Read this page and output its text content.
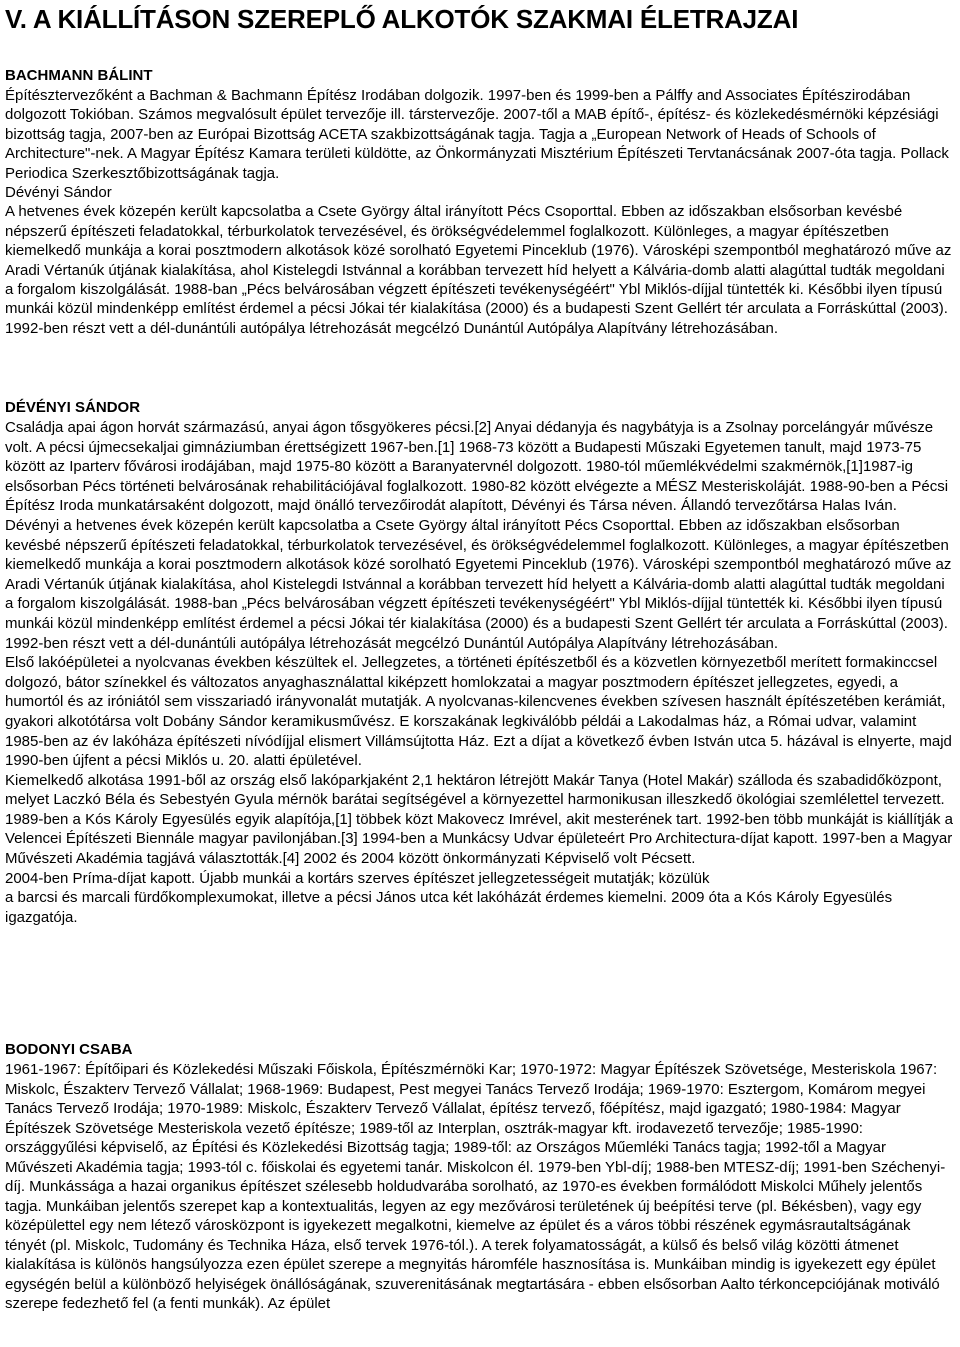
V. A KIÁLLÍTÁSON SZEREPLŐ ALKOTÓK SZAKMAI ÉLETRAJZAI

BACHMANN BÁLINT

Építésztervezőként a Bachman & Bachmann Építész Irodában dolgozik. 1997-ben és 1999-ben a Pálffy and Associates Építészirodában dolgozott Tokióban. Számos megvalósult épület tervezője ill. társtervezője. 2007-től a MAB építő-, építész- és közlekedésmérnöki képzésiági bizottság tagja, 2007-ben az Európai Bizottság ACETA szakbizottságának tagja. Tagja a „European Network of Heads of Schools of Architecture"-nek. A Magyar Építész Kamara területi küldötte, az Önkormányzati Misztérium Építészeti Tervtanácsának 2007-óta tagja. Pollack Periodica Szerkesztőbizottságának tagja.

Dévényi Sándor

A hetvenes évek közepén került kapcsolatba a Csete György által irányított Pécs Csoporttal. Ebben az időszakban elsősorban kevésbé népszerű építészeti feladatokkal, térburkolatok tervezésével, és örökségvédelemmel foglalkozott. Különleges, a magyar építészetben kiemelkedő munkája a korai posztmodern alkotások közé sorolható Egyetemi Pinceklub (1976). Városképi szempontból meghatározó műve az Aradi Vértanúk útjának kialakítása, ahol Kistelegdi Istvánnal a korábban tervezett híd helyett a Kálvária-domb alatti alagúttal tudták megoldani a forgalom kiszolgálását. 1988-ban „Pécs belvárosában végzett építészeti tevékenységéért" Ybl Miklós-díjjal tüntették ki. Későbbi ilyen típusú munkái közül mindenképp említést érdemel a pécsi Jókai tér kialakítása (2000) és a budapesti Szent Gellért tér arculata a Forráskúttal (2003). 1992-ben részt vett a dél-dunántúli autópálya létrehozását megcélzó Dunántúl Autópálya Alapítvány létrehozásában.

DÉVÉNYI SÁNDOR

Családja apai ágon horvát származású, anyai ágon tősgyökeres pécsi.[2] Anyai dédanyja és nagybátyja is a Zsolnay porcelángyár művésze volt. A pécsi újmecsekaljai gimnáziumban érettségizett 1967-ben.[1] 1968-73 között a Budapesti Műszaki Egyetemen tanult, majd 1973-75 között az Iparterv fővárosi irodájában, majd 1975-80 között a Baranyatervnél dolgozott. 1980-tól műemlékvédelmi szakmérnök,[1]1987-ig elsősorban Pécs történeti belvárosának rehabilitációjával foglalkozott. 1980-82 között elvégezte a MÉSZ Mesteriskoláját. 1988-90-ben a Pécsi Építész Iroda munkatársaként dolgozott, majd önálló tervezőirodát alapított, Dévényi és Társa néven. Állandó tervezőtársa Halas Iván.

Dévényi a hetvenes évek közepén került kapcsolatba a Csete György által irányított Pécs Csoporttal. Ebben az időszakban elsősorban kevésbé népszerű építészeti feladatokkal, térburkolatok tervezésével, és örökségvédelemmel foglalkozott. Különleges, a magyar építészetben kiemelkedő munkája a korai posztmodern alkotások közé sorolható Egyetemi Pinceklub (1976). Városképi szempontból meghatározó műve az Aradi Vértanúk útjának kialakítása, ahol Kistelegdi Istvánnal a korábban tervezett híd helyett a Kálvária-domb alatti alagúttal tudták megoldani a forgalom kiszolgálását. 1988-ban „Pécs belvárosában végzett építészeti tevékenységéért" Ybl Miklós-díjjal tüntették ki. Későbbi ilyen típusú munkái közül mindenképp említést érdemel a pécsi Jókai tér kialakítása (2000) és a budapesti Szent Gellért tér arculata a Forráskúttal (2003). 1992-ben részt vett a dél-dunántúli autópálya létrehozását megcélzó Dunántúl Autópálya Alapítvány létrehozásában.

Első lakóépületei a nyolcvanas években készültek el. Jellegzetes, a történeti építészetből és a közvetlen környezetből merített formakinccsel dolgozó, bátor színekkel és változatos anyaghasználattal kiképzett homlokzatai a magyar posztmodern építészet jellegzetes, egyedi, a humortól és az iróniától sem visszariadó irányvonalát mutatják. A nyolcvanas-kilencvenes években szívesen használt építészetében kerámiát, gyakori alkotótársa volt Dobány Sándor keramikusművész. E korszakának legkiválóbb példái a Lakodalmas ház, a Római udvar, valamint 1985-ben az év lakóháza építészeti nívódíjjal elismert Villámsújtotta Ház. Ezt a díjat a következő évben István utca 5. házával is elnyerte, majd 1990-ben újfent a pécsi Miklós u. 20. alatti épületével.

Kiemelkedő alkotása 1991-ből az ország első lakóparkjaként 2,1 hektáron létrejött Makár Tanya (Hotel Makár) szálloda és szabadidőközpont, melyet Laczkó Béla és Sebestyén Gyula mérnök barátai segítségével a környezettel harmonikusan illeszkedő ökológiai szemlélettel tervezett.

1989-ben a Kós Károly Egyesülés egyik alapítója,[1] többek közt Makovecz Imrével, akit mesterének tart. 1992-ben több munkáját is kiállítják a Velencei Építészeti Biennále magyar pavilonjában.[3] 1994-ben a Munkácsy Udvar épületeért Pro Architectura-díjat kapott. 1997-ben a Magyar Művészeti Akadémia tagjává választották.[4] 2002 és 2004 között önkormányzati Képviselő volt Pécsett.

2004-ben Príma-díjat kapott. Újabb munkái a kortárs szerves építészet jellegzetességeit mutatják; közülük

a barcsi és marcali fürdőkomplexumokat, illetve a pécsi János utca két lakóházát érdemes kiemelni. 2009 óta a Kós Károly Egyesülés igazgatója.

BODONYI CSABA

1961-1967: Építőipari és Közlekedési Műszaki Főiskola, Építészmérnöki Kar; 1970-1972: Magyar Építészek Szövetsége, Mesteriskola 1967: Miskolc, Északterv Tervező Vállalat; 1968-1969: Budapest, Pest megyei Tanács Tervező Irodája; 1969-1970: Esztergom, Komárom megyei Tanács Tervező Irodája; 1970-1989: Miskolc, Északterv Tervező Vállalat, építész tervező, főépítész, majd igazgató; 1980-1984: Magyar Építészek Szövetsége Mesteriskola vezető építésze; 1989-től az Interplan, osztrák-magyar kft. irodavezető tervezője; 1985-1990: országgyűlési képviselő, az Építési és Közlekedési Bizottság tagja; 1989-től: az Országos Műemléki Tanács tagja; 1992-től a Magyar Művészeti Akadémia tagja; 1993-tól c. főiskolai és egyetemi tanár. Miskolcon él. 1979-ben Ybl-díj; 1988-ben MTESZ-díj; 1991-ben Széchenyi-díj. Munkássága a hazai organikus építészet szélesebb holdudvarába sorolható, az 1970-es években formálódott Miskolci Műhely jelentős tagja. Munkáiban jelentős szerepet kap a kontextualitás, legyen az egy mezővárosi területének új beépítési terve (pl. Békésben), vagy egy középülettel egy nem létező városközpont is igyekezett megalkotni, kiemelve az épület és a város többi részének egymásrautaltságának tényét (pl. Miskolc, Tudomány és Technika Háza, első tervek 1976-tól.). A terek folyamatosságát, a külső és belső világ közötti átmenet kialakítása is különös hangsúlyozza ezen épület szerepe a megnyitás háromféle hasznosítása is. Munkáiban mindig is igyekezett egy épület egységén belül a különböző helyiségek önállóságának, szuverenitásának megtartására - ebben elsősorban Aalto térkoncepciójának motiváló szerepe fedezhető fel (a fenti munkák). Az épület
